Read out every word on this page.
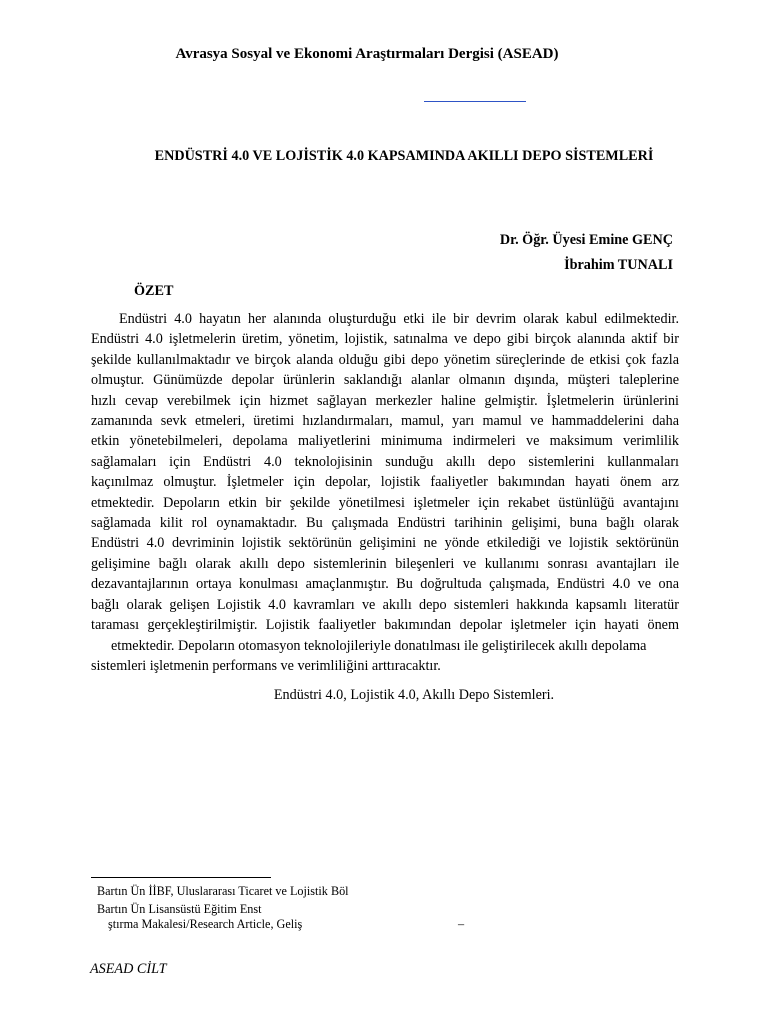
Avrasya Sosyal ve Ekonomi Araştırmaları Dergisi (ASEAD)
ENDÜSTRİ 4.0 VE LOJİSTİK 4.0 KAPSAMINDA AKILLI DEPO SİSTEMLERİ
Dr. Öğr. Üyesi Emine GENÇ
İbrahim TUNALI
ÖZET
Endüstri 4.0 hayatın her alanında oluşturduğu etki ile bir devrim olarak kabul edilmektedir.
Endüstri 4.0 işletmelerin üretim, yönetim, lojistik, satınalma ve depo gibi birçok alanında aktif bir
şekilde kullanılmaktadır ve birçok alanda olduğu gibi depo yönetim süreçlerinde de etkisi çok fazla
olmuştur. Günümüzde depolar ürünlerin saklandığı alanlar olmanın dışında, müşteri taleplerine
hızlı cevap verebilmek için hizmet sağlayan merkezler haline gelmiştir. İşletmelerin ürünlerini
zamanında sevk etmeleri, üretimi hızlandırmaları, mamul, yarı mamul ve hammaddelerini daha
etkin yönetebilmeleri, depolama maliyetlerini minimuma indirmeleri ve maksimum verimlilik
sağlamaları için Endüstri 4.0 teknolojisinin sunduğu akıllı depo sistemlerini kullanmaları
kaçınılmaz olmuştur. İşletmeler için depolar, lojistik faaliyetler bakımından hayati önem arz
etmektedir. Depoların etkin bir şekilde yönetilmesi işletmeler için rekabet üstünlüğü avantajını
sağlamada kilit rol oynamaktadır. Bu çalışmada Endüstri tarihinin gelişimi, buna bağlı olarak
Endüstri 4.0 devriminin lojistik sektörünün gelişimini ne yönde etkilediği ve lojistik sektörünün
gelişimine bağlı olarak akıllı depo sistemlerinin bileşenleri ve kullanımı sonrası avantajları ile
dezavantajlarının ortaya konulması amaçlanmıştır. Bu doğrultuda çalışmada, Endüstri 4.0 ve ona
bağlı olarak gelişen Lojistik 4.0 kavramları ve akıllı depo sistemleri hakkında kapsamlı literatür
taraması gerçekleştirilmiştir. Lojistik faaliyetler bakımından depolar işletmeler için hayati önem
etmektedir. Depoların otomasyon teknolojileriyle donatılması ile geliştirilecek akıllı depolama
sistemleri işletmenin performans ve verimliliğini arttıracaktır.
Endüstri 4.0, Lojistik 4.0, Akıllı Depo Sistemleri.
Bartın Ün İİBF, Uluslararası Ticaret ve Lojistik Böl
Bartın Ün Lisansüstü Eğitim Enst
ştırma Makalesi/Research Article, Geliş	–
ASEAD CİLT
